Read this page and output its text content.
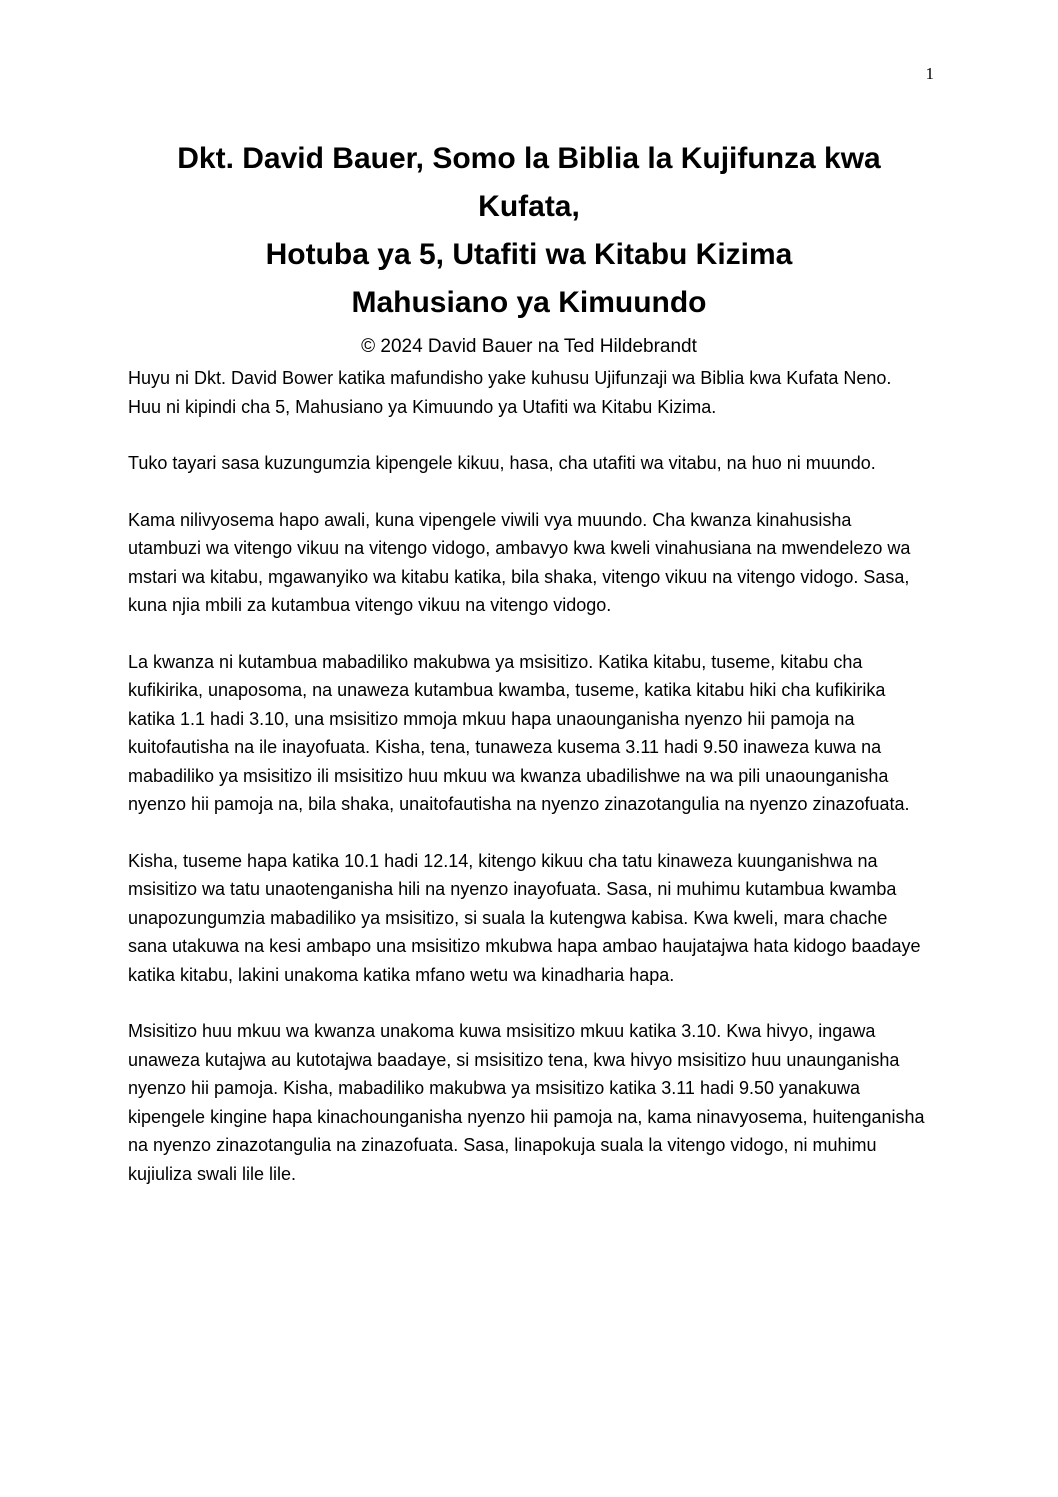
1
Dkt. David Bauer, Somo la Biblia la Kujifunza kwa
Kufata,
Hotuba ya 5, Utafiti wa Kitabu Kizima
Mahusiano ya Kimuundo
© 2024 David Bauer na Ted Hildebrandt

Huyu ni Dkt. David Bower katika mafundisho yake kuhusu Ujifunzaji wa Biblia kwa Kufata Neno. Huu ni kipindi cha 5, Mahusiano ya Kimuundo ya Utafiti wa Kitabu Kizima.

Tuko tayari sasa kuzungumzia kipengele kikuu, hasa, cha utafiti wa vitabu, na huo ni muundo.

Kama nilivyosema hapo awali, kuna vipengele viwili vya muundo. Cha kwanza kinahusisha utambuzi wa vitengo vikuu na vitengo vidogo, ambavyo kwa kweli vinahusiana na mwendelezo wa mstari wa kitabu, mgawanyiko wa kitabu katika, bila shaka, vitengo vikuu na vitengo vidogo. Sasa, kuna njia mbili za kutambua vitengo vikuu na vitengo vidogo.

La kwanza ni kutambua mabadiliko makubwa ya msisitizo. Katika kitabu, tuseme, kitabu cha kufikirika, unaposoma, na unaweza kutambua kwamba, tuseme, katika kitabu hiki cha kufikirika katika 1.1 hadi 3.10, una msisitizo mmoja mkuu hapa unaounganisha nyenzo hii pamoja na kuitofautisha na ile inayofuata. Kisha, tena, tunaweza kusema 3.11 hadi 9.50 inaweza kuwa na mabadiliko ya msisitizo ili msisitizo huu mkuu wa kwanza ubadilishwe na wa pili unaounganisha nyenzo hii pamoja na, bila shaka, unaitofautisha na nyenzo zinazotangulia na nyenzo zinazofuata.

Kisha, tuseme hapa katika 10.1 hadi 12.14, kitengo kikuu cha tatu kinaweza kuunganishwa na msisitizo wa tatu unaotenganisha hili na nyenzo inayofuata. Sasa, ni muhimu kutambua kwamba unapozungumzia mabadiliko ya msisitizo, si suala la kutengwa kabisa. Kwa kweli, mara chache sana utakuwa na kesi ambapo una msisitizo mkubwa hapa ambao haujatajwa hata kidogo baadaye katika kitabu, lakini unakoma katika mfano wetu wa kinadharia hapa.

Msisitizo huu mkuu wa kwanza unakoma kuwa msisitizo mkuu katika 3.10. Kwa hivyo, ingawa unaweza kutajwa au kutotajwa baadaye, si msisitizo tena, kwa hivyo msisitizo huu unaunganisha nyenzo hii pamoja. Kisha, mabadiliko makubwa ya msisitizo katika 3.11 hadi 9.50 yanakuwa kipengele kingine hapa kinachounganisha nyenzo hii pamoja na, kama ninavyosema, huitenganisha na nyenzo zinazotangulia na zinazofuata. Sasa, linapokuja suala la vitengo vidogo, ni muhimu kujiuliza swali lile lile.
